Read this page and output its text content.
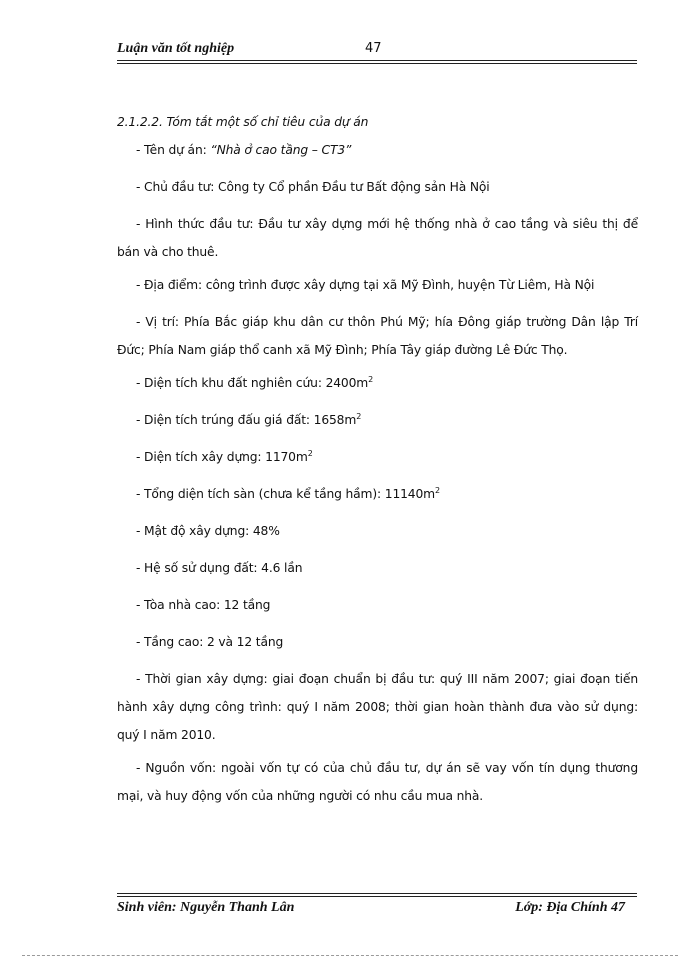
Luận văn tốt nghiệp	47

2.1.2.2. Tóm tắt một số chỉ tiêu của dự án

- Tên dự án: “Nhà ở cao tầng – CT3”

- Chủ đầu tư: Công ty Cổ phần Đầu tư Bất động sản Hà Nội

- Hình thức đầu tư: Đầu tư xây dựng mới hệ thống nhà ở cao tầng và siêu thị để bán và cho thuê.

- Địa điểm: công trình được xây dựng tại xã Mỹ Đình, huyện Từ Liêm, Hà Nội

- Vị trí: Phía Bắc giáp khu dân cư thôn Phú Mỹ; hía Đông giáp trường Dân lập Trí Đức; Phía Nam giáp thổ canh xã Mỹ Đình; Phía Tây giáp đường Lê Đức Thọ.

- Diện tích khu đất nghiên cứu: $2400m^2$

- Diện tích trúng đấu giá đất: $1658m^2$

- Diện tích xây dựng: $1170m^2$

- Tổng diện tích sàn (chưa kể tầng hầm): $11140m^2$

- Mật độ xây dựng: 48%

- Hệ số sử dụng đất: 4.6 lần

- Tòa nhà cao: 12 tầng

- Tầng cao: 2 và 12 tầng

- Thời gian xây dựng: giai đoạn chuẩn bị đầu tư: quý III năm 2007; giai đoạn tiến hành xây dựng công trình: quý I năm 2008; thời gian hoàn thành đưa vào sử dụng: quý I năm 2010.

- Nguồn vốn: ngoài vốn tự có của chủ đầu tư, dự án sẽ vay vốn tín dụng thương mại, và huy động vốn của những người có nhu cầu mua nhà.

Sinh viên: Nguyễn Thanh Lân	Lớp: Địa Chính 47
